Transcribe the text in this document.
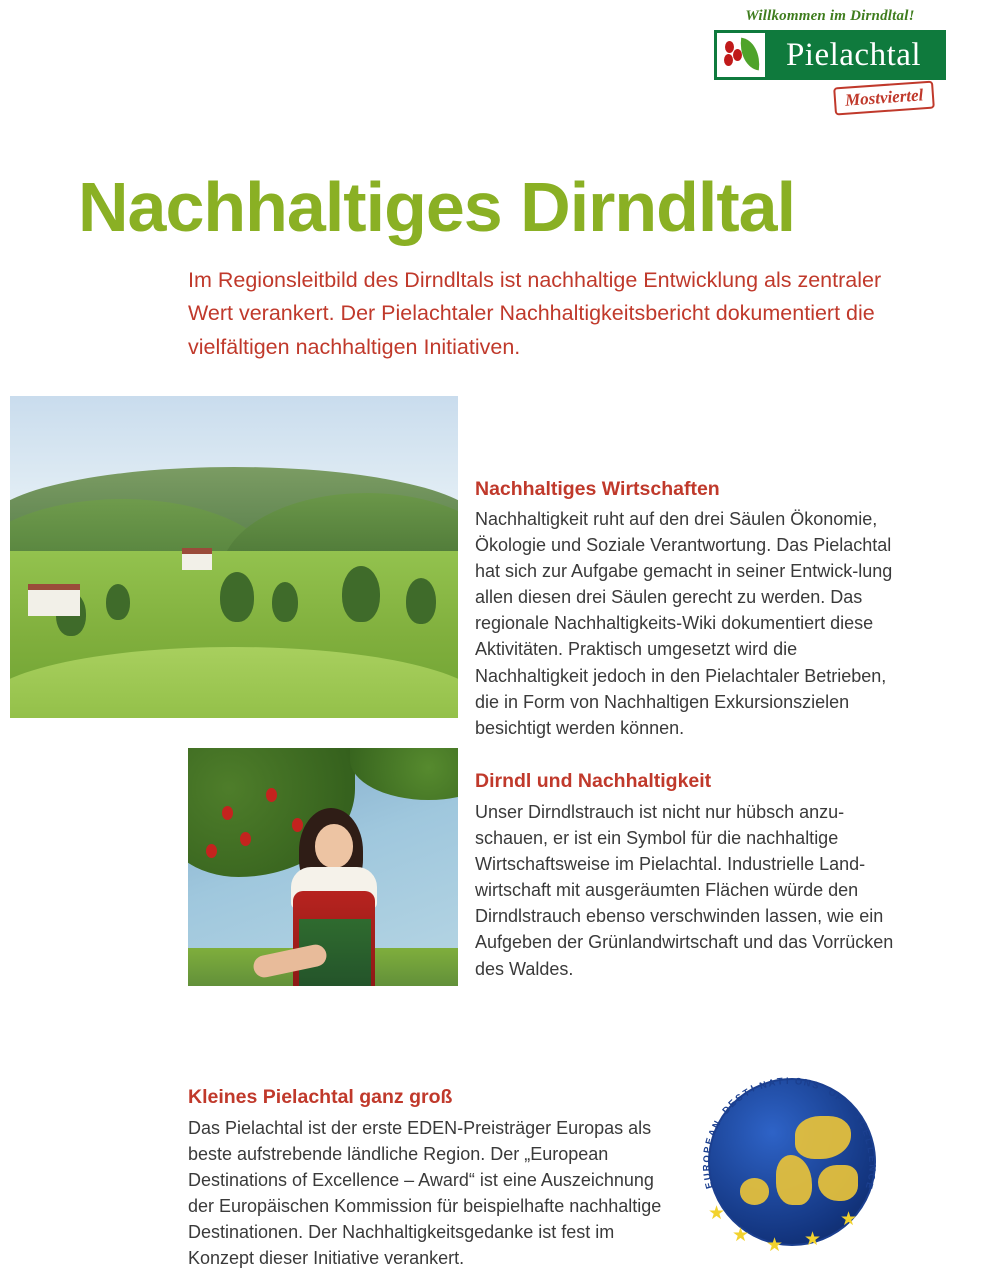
Willkommen im Dirndltal!
Pielachtal
Mostviertel
Nachhaltiges Dirndltal

Im Regionsleitbild des Dirndltals ist nachhaltige Entwicklung als zentraler Wert verankert. Der Pielachtaler Nachhaltigkeitsbericht dokumentiert die vielfältigen nachhaltigen Initiativen.

Nachhaltiges Wirtschaften

Nachhaltigkeit ruht auf den drei Säulen Ökonomie, Ökologie und Soziale Verantwortung. Das Pielachtal hat sich zur Aufgabe gemacht in seiner Entwick-lung allen diesen drei Säulen gerecht zu werden. Das regionale Nachhaltigkeits-Wiki dokumentiert diese Aktivitäten. Praktisch umgesetzt wird die Nachhaltigkeit jedoch in den Pielachtaler Betrieben, die in Form von Nachhaltigen Exkursionszielen besichtigt werden können.

Dirndl und Nachhaltigkeit

Unser Dirndlstrauch ist nicht nur hübsch anzu-schauen, er ist ein Symbol für die nachhaltige Wirtschaftsweise im Pielachtal. Industrielle Land-wirtschaft mit ausgeräumten Flächen würde den Dirndlstrauch ebenso verschwinden lassen, wie ein Aufgeben der Grünlandwirtschaft und das Vorrücken des Waldes.

Kleines Pielachtal ganz groß

Das Pielachtal ist der erste EDEN-Preisträger Europas als beste aufstrebende ländliche Region. Der „European Destinations of Excellence – Award“ ist eine Auszeichnung der Europäischen Kommission für beispielhafte nachhaltige Destinationen. Der Nachhaltigkeitsgedanke ist fest im Konzept dieser Initiative verankert.

★ ★
★
★
★
E
U
R
O
P
E
A
N
D
E
S
T
I N A T I O N S
O
F
E
X
C
E
L
L
E
N
C
E
